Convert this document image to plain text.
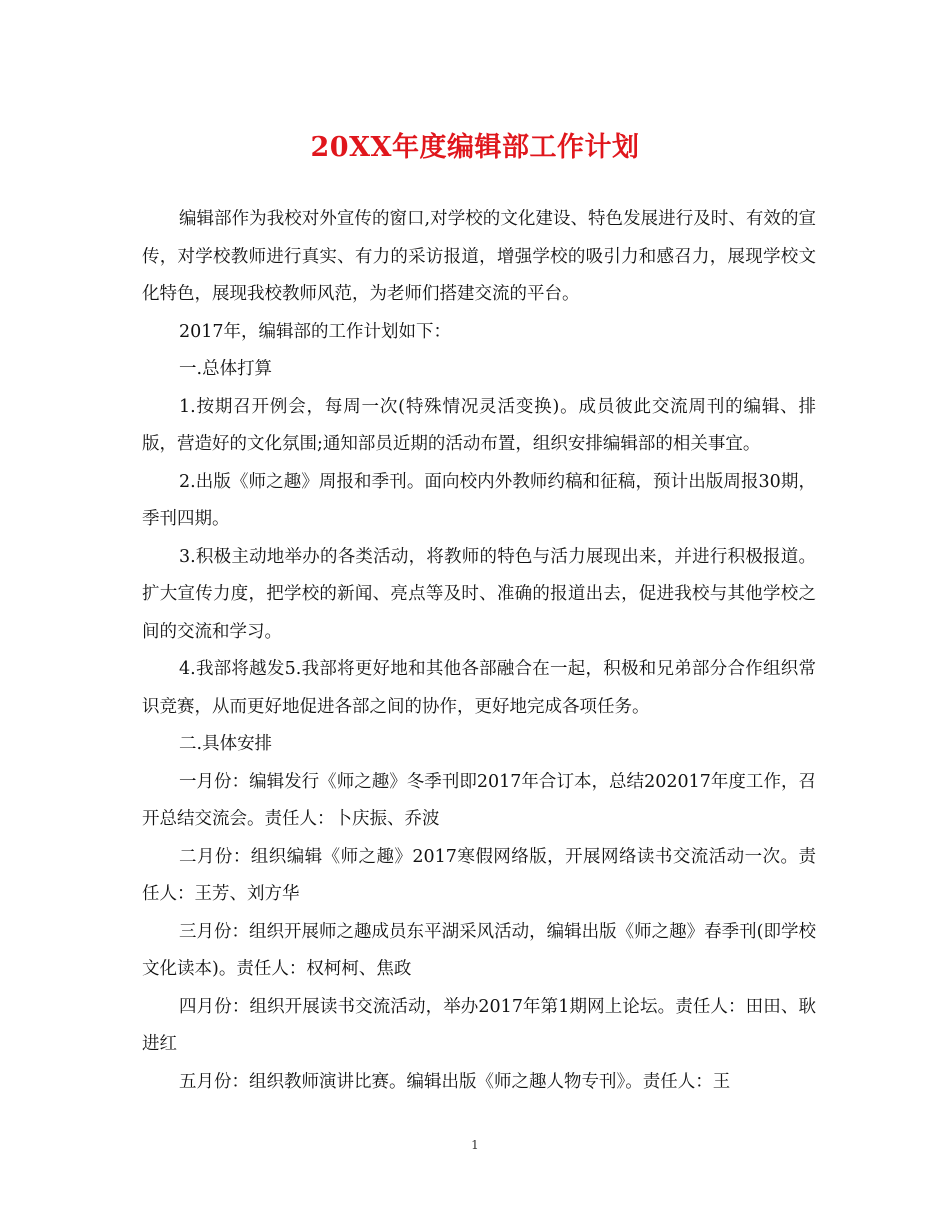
20XX年度编辑部工作计划

编辑部作为我校对外宣传的窗口,对学校的文化建设、特色发展进行及时、有效的宣传，对学校教师进行真实、有力的采访报道，增强学校的吸引力和感召力，展现学校文化特色，展现我校教师风范，为老师们搭建交流的平台。

2017年，编辑部的工作计划如下：

一.总体打算

1.按期召开例会，每周一次(特殊情况灵活变换)。成员彼此交流周刊的编辑、排版，营造好的文化氛围;通知部员近期的活动布置，组织安排编辑部的相关事宜。

2.出版《师之趣》周报和季刊。面向校内外教师约稿和征稿，预计出版周报30期，季刊四期。

3.积极主动地举办的各类活动，将教师的特色与活力展现出来，并进行积极报道。扩大宣传力度，把学校的新闻、亮点等及时、准确的报道出去，促进我校与其他学校之间的交流和学习。

4.我部将越发5.我部将更好地和其他各部融合在一起，积极和兄弟部分合作组织常识竞赛，从而更好地促进各部之间的协作，更好地完成各项任务。

二.具体安排

一月份：编辑发行《师之趣》冬季刊即2017年合订本，总结202017年度工作，召开总结交流会。责任人：卜庆振、乔波

二月份：组织编辑《师之趣》2017寒假网络版，开展网络读书交流活动一次。责任人：王芳、刘方华

三月份：组织开展师之趣成员东平湖采风活动，编辑出版《师之趣》春季刊(即学校文化读本)。责任人：权柯柯、焦政

四月份：组织开展读书交流活动，举办2017年第1期网上论坛。责任人：田田、耿进红

五月份：组织教师演讲比赛。编辑出版《师之趣人物专刊》。责任人：王

1
